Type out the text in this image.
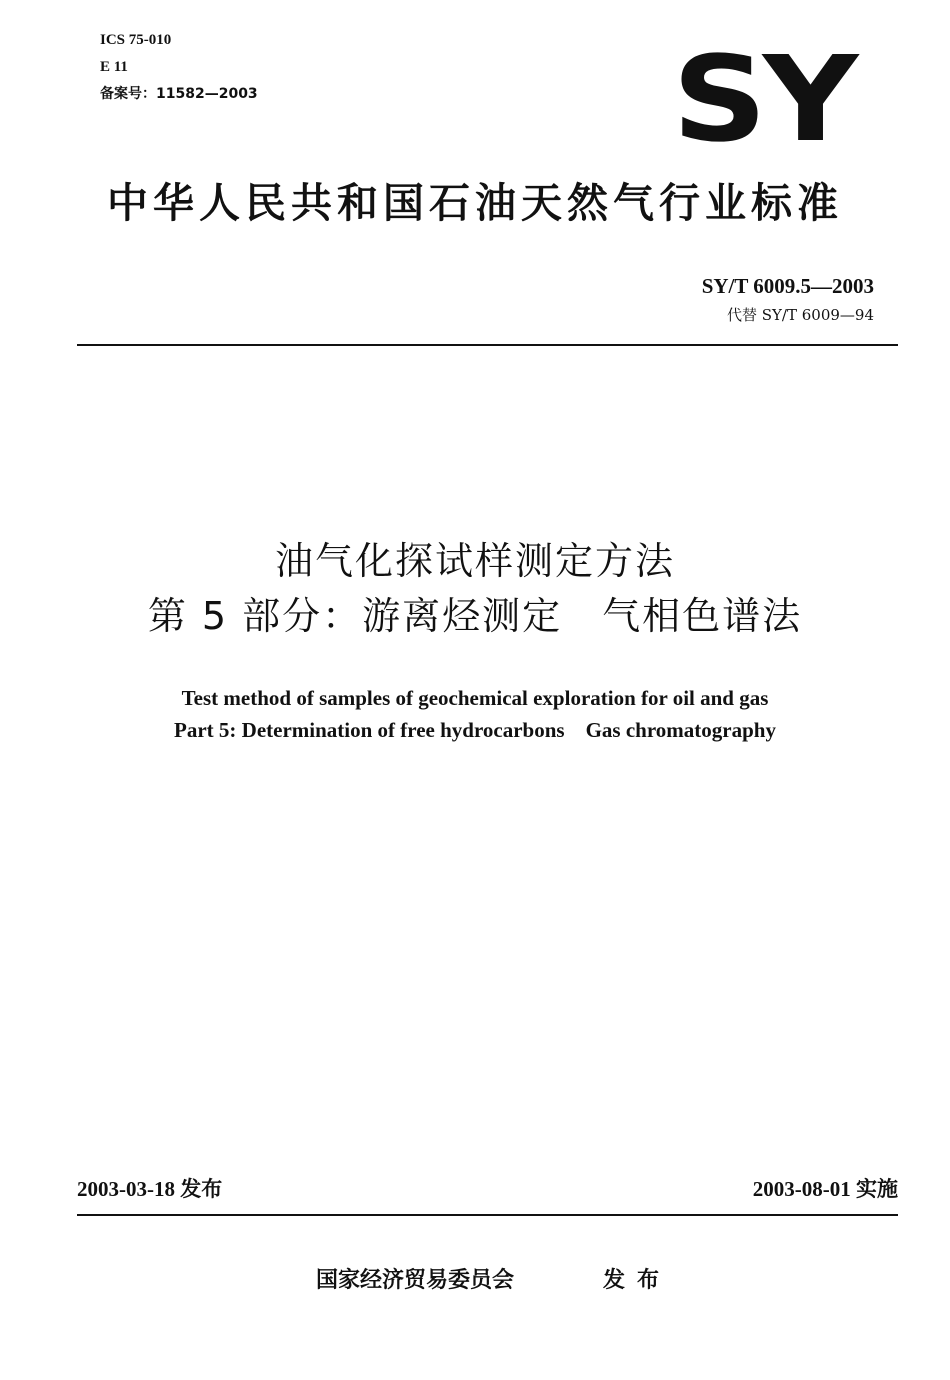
ICS 75-010
E 11
备案号：11582—2003	SY
中华人民共和国石油天然气行业标准
SY/T 6009.5—2003
代替 SY/T 6009—94
油气化探试样测定方法
第 5 部分：游离烃测定　气相色谱法
Test method of samples of geochemical exploration for oil and gas
Part 5: Determination of free hydrocarbons　Gas chromatography
2003-03-18 发布	2003-08-01 实施
国家经济贸易委员会	发布
